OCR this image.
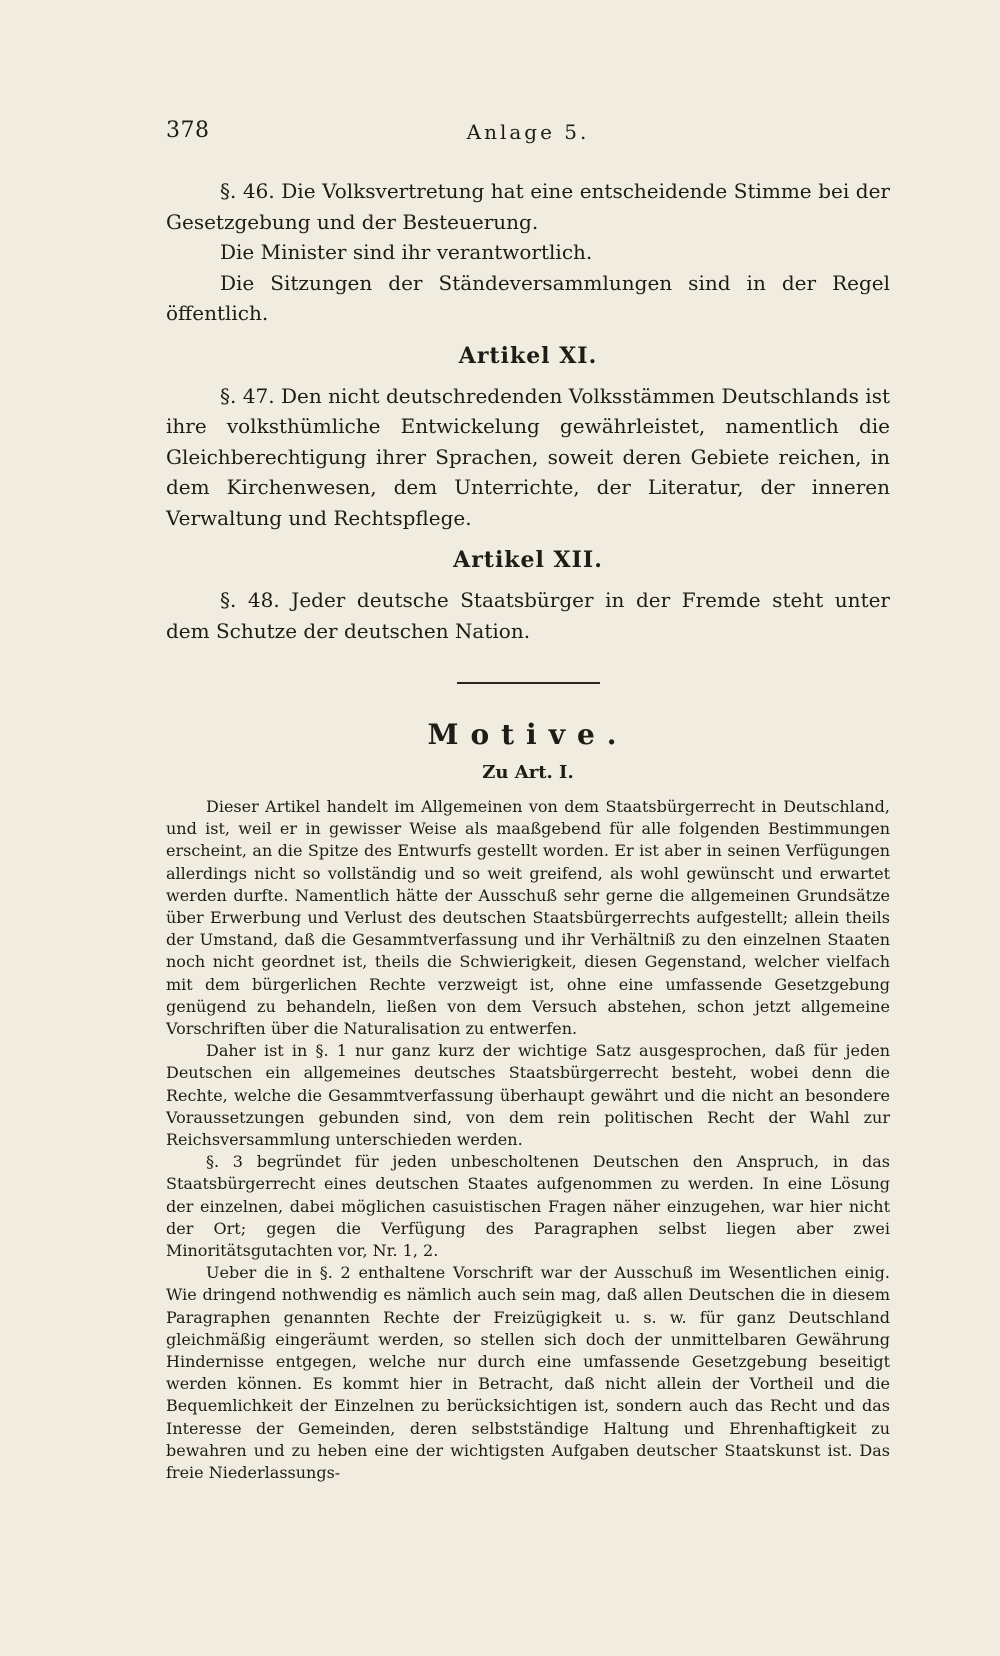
378	Anlage 5.

§. 46. Die Volksvertretung hat eine entscheidende Stimme bei der Gesetzgebung und der Besteuerung.

Die Minister sind ihr verantwortlich.

Die Sitzungen der Ständeversammlungen sind in der Regel öffentlich.

Artikel XI.

§. 47. Den nicht deutschredenden Volksstämmen Deutschlands ist ihre volksthümliche Entwickelung gewährleistet, namentlich die Gleichberechtigung ihrer Sprachen, soweit deren Gebiete reichen, in dem Kirchenwesen, dem Unterrichte, der Literatur, der inneren Verwaltung und Rechtspflege.

Artikel XII.

§. 48. Jeder deutsche Staatsbürger in der Fremde steht unter dem Schutze der deutschen Nation.

Motive.
Zu Art. I.

Dieser Artikel handelt im Allgemeinen von dem Staatsbürgerrecht in Deutschland, und ist, weil er in gewisser Weise als maaßgebend für alle folgenden Bestimmungen erscheint, an die Spitze des Entwurfs gestellt worden. Er ist aber in seinen Verfügungen allerdings nicht so vollständig und so weit greifend, als wohl gewünscht und erwartet werden durfte. Namentlich hätte der Ausschuß sehr gerne die allgemeinen Grundsätze über Erwerbung und Verlust des deutschen Staatsbürgerrechts aufgestellt; allein theils der Umstand, daß die Gesammtverfassung und ihr Verhältniß zu den einzelnen Staaten noch nicht geordnet ist, theils die Schwierigkeit, diesen Gegenstand, welcher vielfach mit dem bürgerlichen Rechte verzweigt ist, ohne eine umfassende Gesetzgebung genügend zu behandeln, ließen von dem Versuch abstehen, schon jetzt allgemeine Vorschriften über die Naturalisation zu entwerfen.

Daher ist in §. 1 nur ganz kurz der wichtige Satz ausgesprochen, daß für jeden Deutschen ein allgemeines deutsches Staatsbürgerrecht besteht, wobei denn die Rechte, welche die Gesammtverfassung überhaupt gewährt und die nicht an besondere Voraussetzungen gebunden sind, von dem rein politischen Recht der Wahl zur Reichsversammlung unterschieden werden.

§. 3 begründet für jeden unbescholtenen Deutschen den Anspruch, in das Staatsbürgerrecht eines deutschen Staates aufgenommen zu werden. In eine Lösung der einzelnen, dabei möglichen casuistischen Fragen näher einzugehen, war hier nicht der Ort; gegen die Verfügung des Paragraphen selbst liegen aber zwei Minoritätsgutachten vor, Nr. 1, 2.

Ueber die in §. 2 enthaltene Vorschrift war der Ausschuß im Wesentlichen einig. Wie dringend nothwendig es nämlich auch sein mag, daß allen Deutschen die in diesem Paragraphen genannten Rechte der Freizügigkeit u. s. w. für ganz Deutschland gleichmäßig eingeräumt werden, so stellen sich doch der unmittelbaren Gewährung Hindernisse entgegen, welche nur durch eine umfassende Gesetzgebung beseitigt werden können. Es kommt hier in Betracht, daß nicht allein der Vortheil und die Bequemlichkeit der Einzelnen zu berücksichtigen ist, sondern auch das Recht und das Interesse der Gemeinden, deren selbstständige Haltung und Ehrenhaftigkeit zu bewahren und zu heben eine der wichtigsten Aufgaben deutscher Staatskunst ist. Das freie Niederlassungs-
